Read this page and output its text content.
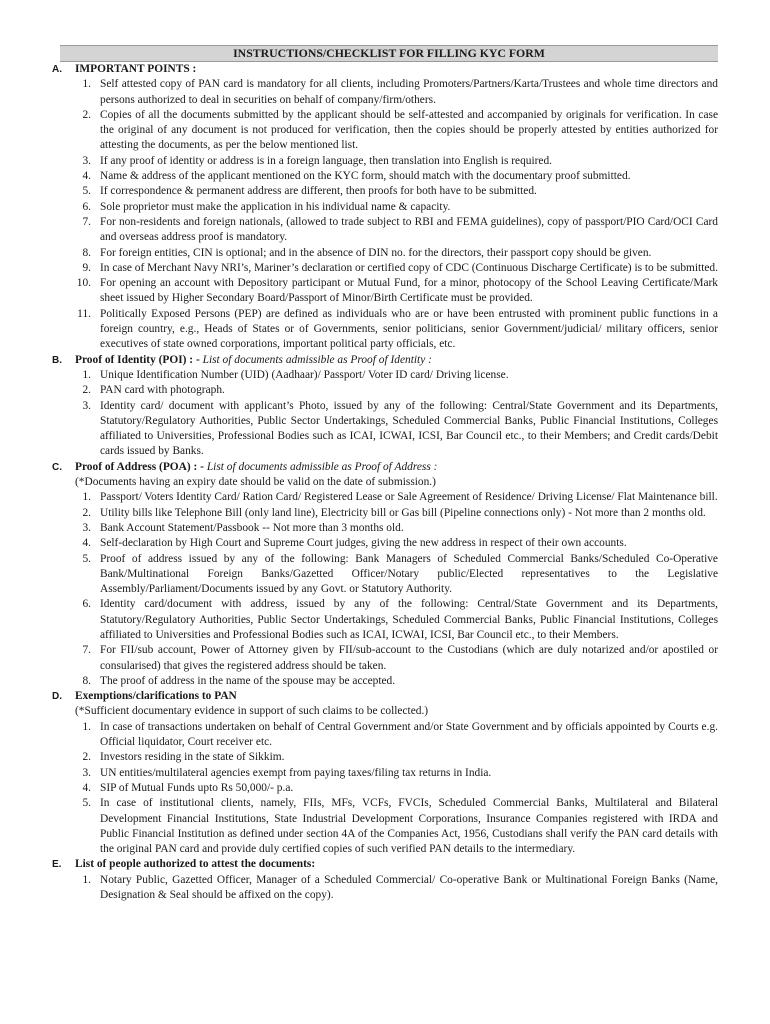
INSTRUCTIONS/CHECKLIST FOR FILLING KYC FORM
A.	IMPORTANT POINTS :
1. Self attested copy of PAN card is mandatory for all clients, including Promoters/Partners/Karta/Trustees and whole time directors and persons authorized to deal in securities on behalf of company/firm/others.
2. Copies of all the documents submitted by the applicant should be self-attested and accompanied by originals for verification. In case the original of any document is not produced for verification, then the copies should be properly attested by entities authorized for attesting the documents, as per the below mentioned list.
3. If any proof of identity or address is in a foreign language, then translation into English is required.
4. Name & address of the applicant mentioned on the KYC form, should match with the documentary proof submitted.
5. If correspondence & permanent address are different, then proofs for both have to be submitted.
6. Sole proprietor must make the application in his individual name & capacity.
7. For non-residents and foreign nationals, (allowed to trade subject to RBI and FEMA guidelines), copy of passport/PIO Card/OCI Card and overseas address proof is mandatory.
8. For foreign entities, CIN is optional; and in the absence of DIN no. for the directors, their passport copy should be given.
9. In case of Merchant Navy NRI’s, Mariner’s declaration or certified copy of CDC (Continuous Discharge Certificate) is to be submitted.
10. For opening an account with Depository participant or Mutual Fund, for a minor, photocopy of the School Leaving Certificate/Mark sheet issued by Higher Secondary Board/Passport of Minor/Birth Certificate must be provided.
11. Politically Exposed Persons (PEP) are defined as individuals who are or have been entrusted with prominent public functions in a foreign country, e.g., Heads of States or of Governments, senior politicians, senior Government/judicial/ military officers, senior executives of state owned corporations, important political party officials, etc.
B.	Proof of Identity (POI) : - List of documents admissible as Proof of Identity :
1. Unique Identification Number (UID) (Aadhaar)/ Passport/ Voter ID card/ Driving license.
2. PAN card with photograph.
3. Identity card/ document with applicant’s Photo, issued by any of the following: Central/State Government and its Departments, Statutory/Regulatory Authorities, Public Sector Undertakings, Scheduled Commercial Banks, Public Financial Institutions, Colleges affiliated to Universities, Professional Bodies such as ICAI, ICWAI, ICSI, Bar Council etc., to their Members; and Credit cards/Debit cards issued by Banks.
C.	Proof of Address (POA) : - List of documents admissible as Proof of Address :
(*Documents having an expiry date should be valid on the date of submission.)
1. Passport/ Voters Identity Card/ Ration Card/ Registered Lease or Sale Agreement of Residence/ Driving License/ Flat Maintenance bill.
2. Utility bills like Telephone Bill (only land line), Electricity bill or Gas bill (Pipeline connections only) - Not more than 2 months old.
3. Bank Account Statement/Passbook -- Not more than 3 months old.
4. Self-declaration by High Court and Supreme Court judges, giving the new address in respect of their own accounts.
5. Proof of address issued by any of the following: Bank Managers of Scheduled Commercial Banks/Scheduled Co-Operative Bank/Multinational Foreign Banks/Gazetted Officer/Notary public/Elected representatives to the Legislative Assembly/Parliament/Documents issued by any Govt. or Statutory Authority.
6. Identity card/document with address, issued by any of the following: Central/State Government and its Departments, Statutory/Regulatory Authorities, Public Sector Undertakings, Scheduled Commercial Banks, Public Financial Institutions, Colleges affiliated to Universities and Professional Bodies such as ICAI, ICWAI, ICSI, Bar Council etc., to their Members.
7. For FII/sub account, Power of Attorney given by FII/sub-account to the Custodians (which are duly notarized and/or apostiled or consularised) that gives the registered address should be taken.
8. The proof of address in the name of the spouse may be accepted.
D.	Exemptions/clarifications to PAN
(*Sufficient documentary evidence in support of such claims to be collected.)
1. In case of transactions undertaken on behalf of Central Government and/or State Government and by officials appointed by Courts e.g. Official liquidator, Court receiver etc.
2. Investors residing in the state of Sikkim.
3. UN entities/multilateral agencies exempt from paying taxes/filing tax returns in India.
4. SIP of Mutual Funds upto Rs 50,000/- p.a.
5. In case of institutional clients, namely, FIIs, MFs, VCFs, FVCIs, Scheduled Commercial Banks, Multilateral and Bilateral Development Financial Institutions, State Industrial Development Corporations, Insurance Companies registered with IRDA and Public Financial Institution as defined under section 4A of the Companies Act, 1956, Custodians shall verify the PAN card details with the original PAN card and provide duly certified copies of such verified PAN details to the intermediary.
E.	List of people authorized to attest the documents:
1. Notary Public, Gazetted Officer, Manager of a Scheduled Commercial/ Co-operative Bank or Multinational Foreign Banks (Name, Designation & Seal should be affixed on the copy).
